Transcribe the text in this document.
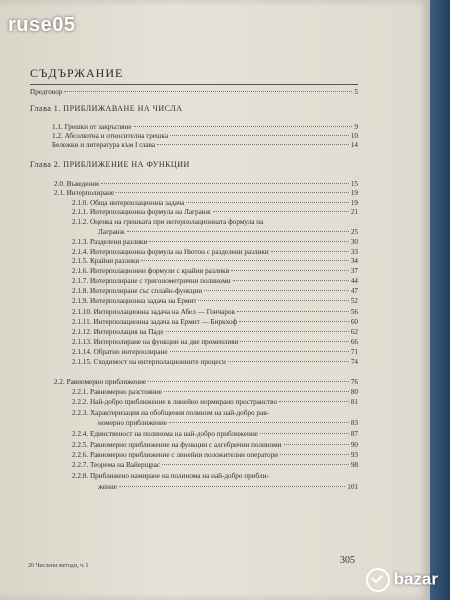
СЪДЪРЖАНИЕ
Предговор	5
Глава 1. ПРИБЛИЖАВАНЕ НА ЧИСЛА
1.1. Грешки от закръгляне	9
1.2. Абсолютна и относителна грешка	10
Бележки и литература към I глава	14
Глава 2. ПРИБЛИЖЕНИЕ НА ФУНКЦИИ
2.0. Въведение	15
2.1. Интерполиране	19
2.1.0. Обща интерполационна задача	19
2.1.1. Интерполационна формула на Лагранж	21
2.1.2. Оценка на грешката при интерполационната формула на
Лагранж	25
2.1.3. Разделени разлики	30
2.1.4. Интерполационна формула на Нютон с разделени разлики	33
2.1.5. Крайни разлики	34
2.1.6. Интерполационни формули с крайни разлики	37
2.1.7. Интерполиране с тригонометрични полиноми	44
2.1.8. Интерполиране със сплайн-функции	47
2.1.9. Интерполационна задача на Ермит	52
2.1.10. Интерполационна задача на Абел — Гончаров	56
2.1.11. Интерполационна задача на Ермит — Биркхоф	60
2.1.12. Интерполация на Паде	62
2.1.13. Интерполиране на функции на две променливи	66
2.1.14. Обратно интерполиране	71
2.1.15. Сходимост на интерполационните процеси	74
2.2. Равномерно приближение	76
2.2.1. Равномерно разстояние	80
2.2.2. Най-добро приближение в линейно нормирано пространство	81
2.2.3. Характеризация на обобщения полином на най-добро рав-
номерно приближение	83
2.2.4. Единственост на полинома на най-добро приближение	87
2.2.5. Равномерно приближение на функции с алгебрични полиноми	90
2.2.6. Равномерно приближение с линейни положителни оператори	93
2.2.7. Теорема на Вайерщрас	98
2.2.8. Приближено намиране на полинома на най-добро прибли-
жение	101
305
20 Числени методи, ч. I
ruse05
bazar
